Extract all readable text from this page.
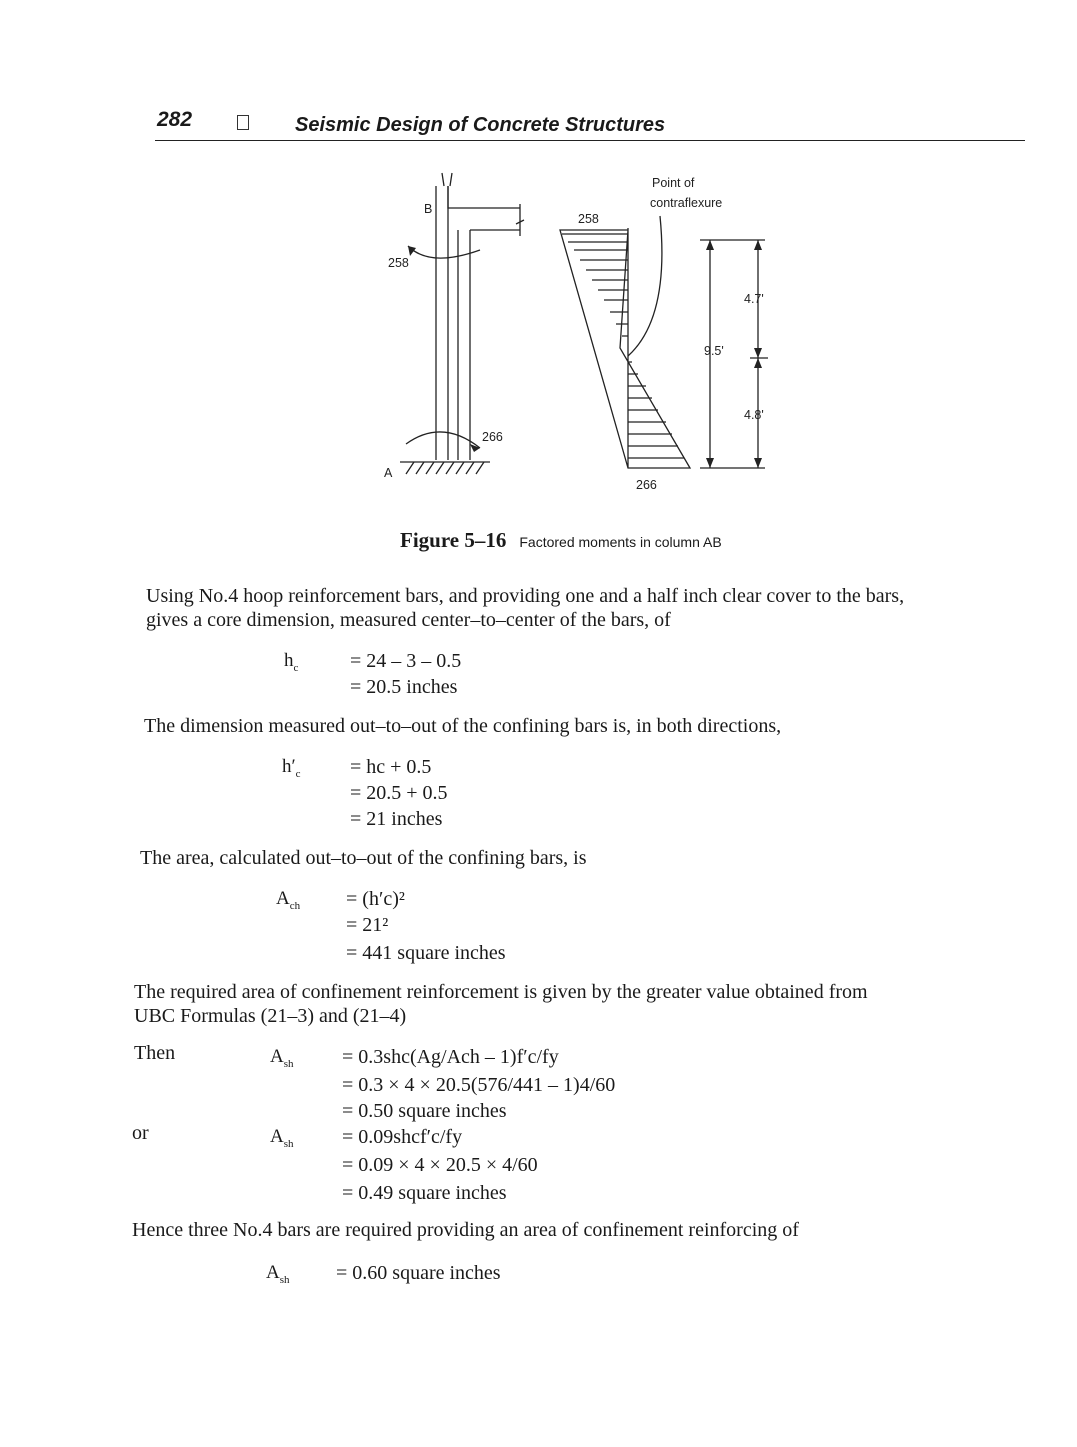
282	Seismic Design of Concrete Structures
B
A
258
266
258
266
Point of
contraflexure
9.5'
4.7'
4.8'
Figure 5–16 Factored moments in column AB
Using No.4 hoop reinforcement bars, and providing one and a half inch clear cover to the bars,
gives a core dimension, measured center–to–center of the bars, of
$h_c$	= 24 – 3 – 0.5
= 20.5 inches
The dimension measured out–to–out of the confining bars is, in both directions,
$h'_c$ = hc + 0.5
= 20.5 + 0.5
= 21 inches
The area, calculated out–to–out of the confining bars, is
$A_{ch} = (h'c)^2$
= 21²
= 441 square inches
The required area of confinement reinforcement is given by the greater value obtained from
UBC Formulas (21–3) and (21–4)
Then	$A_{sh} = 0.3shc(Ag/Ach - 1)f'c/fy$
= 0.3 × 4 × 20.5(576/441 – 1)4/60
= 0.50 square inches
or	$A_{sh}$ = 0.09shcf′c/fy
= 0.09 × 4 × 20.5 × 4/60
= 0.49 square inches
Hence three No.4 bars are required providing an area of confinement reinforcing of
$A_{sh} = 0.60$ square inches
